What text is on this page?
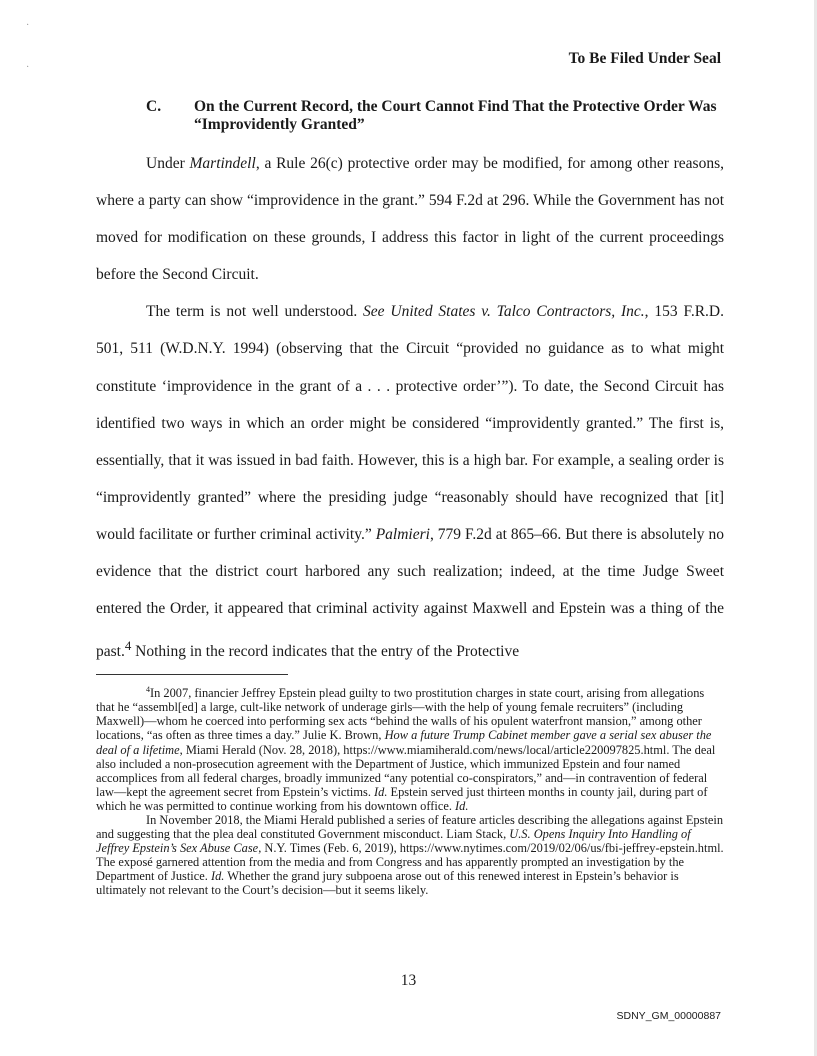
·
·
To Be Filed Under Seal
C. On the Current Record, the Court Cannot Find That the Protective Order Was “Improvidently Granted”

Under Martindell, a Rule 26(c) protective order may be modified, for among other reasons, where a party can show “improvidence in the grant.” 594 F.2d at 296. While the Government has not moved for modification on these grounds, I address this factor in light of the current proceedings before the Second Circuit.

The term is not well understood. See United States v. Talco Contractors, Inc., 153 F.R.D. 501, 511 (W.D.N.Y. 1994) (observing that the Circuit “provided no guidance as to what might constitute ‘improvidence in the grant of a . . . protective order’”). To date, the Second Circuit has identified two ways in which an order might be considered “improvidently granted.” The first is, essentially, that it was issued in bad faith. However, this is a high bar. For example, a sealing order is “improvidently granted” where the presiding judge “reasonably should have recognized that [it] would facilitate or further criminal activity.” Palmieri, 779 F.2d at 865–66. But there is absolutely no evidence that the district court harbored any such realization; indeed, at the time Judge Sweet entered the Order, it appeared that criminal activity against Maxwell and Epstein was a thing of the past.$^4$ Nothing in the record indicates that the entry of the Protective

$^4$In 2007, financier Jeffrey Epstein plead guilty to two prostitution charges in state court, arising from allegations that he “assembl[ed] a large, cult-like network of underage girls—with the help of young female recruiters” (including Maxwell)—whom he coerced into performing sex acts “behind the walls of his opulent waterfront mansion,” among other locations, “as often as three times a day.” Julie K. Brown, How a future Trump Cabinet member gave a serial sex abuser the deal of a lifetime, Miami Herald (Nov. 28, 2018), https://www.miamiherald.com/news/local/article220097825.html. The deal also included a non-prosecution agreement with the Department of Justice, which immunized Epstein and four named accomplices from all federal charges, broadly immunized “any potential co-conspirators,” and—in contravention of federal law—kept the agreement secret from Epstein’s victims. Id. Epstein served just thirteen months in county jail, during part of which he was permitted to continue working from his downtown office. Id.

In November 2018, the Miami Herald published a series of feature articles describing the allegations against Epstein and suggesting that the plea deal constituted Government misconduct. Liam Stack, U.S. Opens Inquiry Into Handling of Jeffrey Epstein’s Sex Abuse Case, N.Y. Times (Feb. 6, 2019), https://www.nytimes.com/2019/02/06/us/fbi-jeffrey-epstein.html. The exposé garnered attention from the media and from Congress and has apparently prompted an investigation by the Department of Justice. Id. Whether the grand jury subpoena arose out of this renewed interest in Epstein’s behavior is ultimately not relevant to the Court’s decision—but it seems likely.

13
SDNY_GM_00000887
